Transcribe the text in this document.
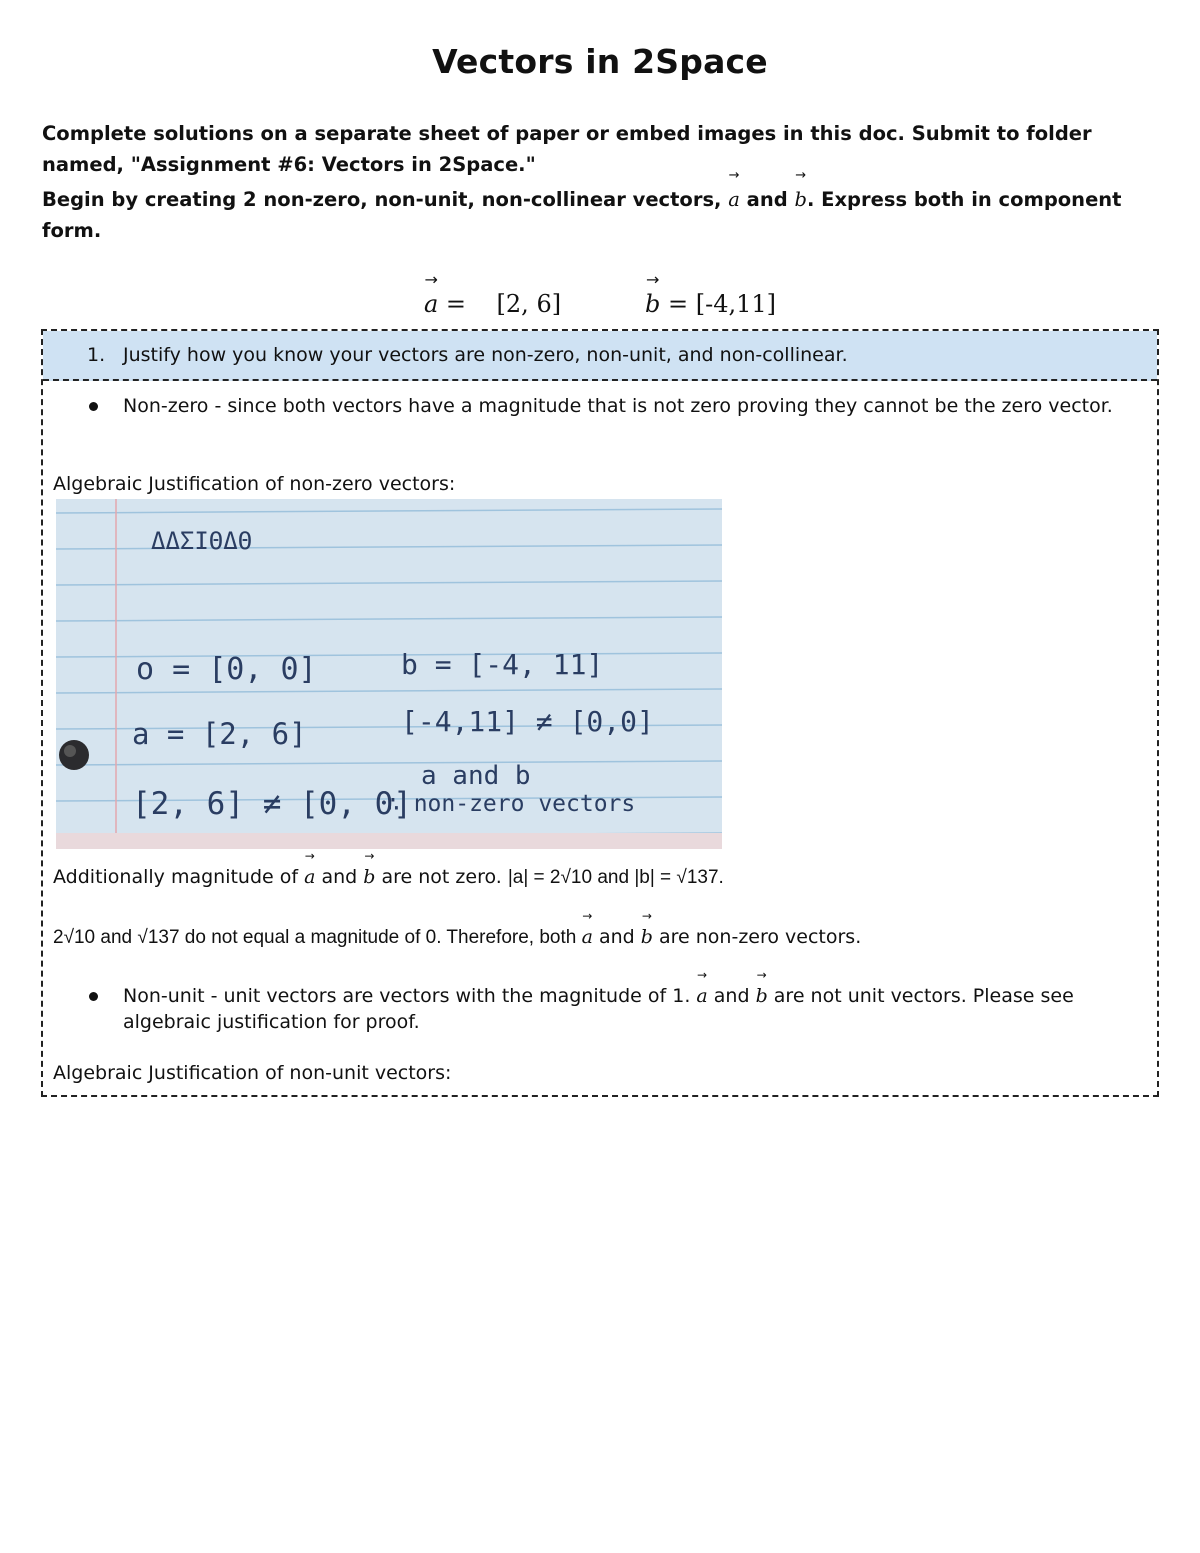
Vectors in 2Space

Complete solutions on a separate sheet of paper or embed images in this doc. Submit to folder named, "Assignment #6: Vectors in 2Space."

Begin by creating 2 non-zero, non-unit, non-collinear vectors,
→
a and
→
b. Express both in component form.

→
a =    [2, 6]
→
b = [-4,11]
1. Justify how you know your vectors are non-zero, non-unit, and non-collinear.
Non-zero - since both vectors have a magnitude that is not zero proving they cannot be the zero vector.
Algebraic Justification of non-zero vectors:
ΔΔΣΙΘΔΘ
o = [0, 0]	b = [-4, 11]
a = [2, 6]	[-4,11] ≠ [0,0]
a and b
[2, 6] ≠ [0, 0]
∴ non-zero vectors
Additionally magnitude of
→
a and
→
b are not zero. |a| = 2√10 and |b| = √137.
2√10 and √137 do not equal a magnitude of 0. Therefore, both
→
a and
→
b are non-zero vectors.
Non-unit - unit vectors are vectors with the magnitude of 1.
→
a and
→
b are not unit vectors. Please see algebraic justification for proof.
Algebraic Justification of non-unit vectors:
